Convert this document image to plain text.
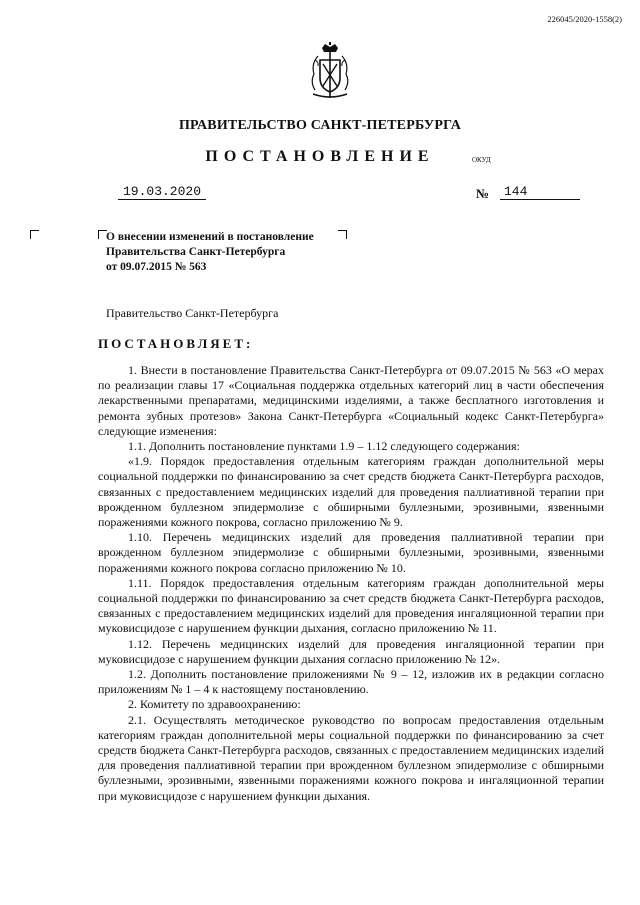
226045/2020-1558(2)
ПРАВИТЕЛЬСТВО САНКТ-ПЕТЕРБУРГА
ПОСТАНОВЛЕНИЕ	ОКУД
19.03.2020	№	144
О внесении изменений в постановление
Правительства Санкт-Петербурга
от 09.07.2015 № 563
Правительство Санкт-Петербурга
ПОСТАНОВЛЯЕТ:

1. Внести в постановление Правительства Санкт-Петербурга от 09.07.2015 № 563 «О мерах по реализации главы 17 «Социальная поддержка отдельных категорий лиц в части обеспечения лекарственными препаратами, медицинскими изделиями, а также бесплатного изготовления и ремонта зубных протезов» Закона Санкт-Петербурга «Социальный кодекс Санкт-Петербурга» следующие изменения:

1.1. Дополнить постановление пунктами 1.9 – 1.12 следующего содержания:

«1.9. Порядок предоставления отдельным категориям граждан дополнительной меры социальной поддержки по финансированию за счет средств бюджета Санкт-Петербурга расходов, связанных с предоставлением медицинских изделий для проведения паллиативной терапии при врожденном буллезном эпидермолизе с обширными буллезными, эрозивными, язвенными поражениями кожного покрова, согласно приложению № 9.

1.10. Перечень медицинских изделий для проведения паллиативной терапии при врожденном буллезном эпидермолизе с обширными буллезными, эрозивными, язвенными поражениями кожного покрова согласно приложению № 10.

1.11. Порядок предоставления отдельным категориям граждан дополнительной меры социальной поддержки по финансированию за счет средств бюджета Санкт-Петербурга расходов, связанных с предоставлением медицинских изделий для проведения ингаляционной терапии при муковисцидозе с нарушением функции дыхания, согласно приложению № 11.

1.12. Перечень медицинских изделий для проведения ингаляционной терапии при муковисцидозе с нарушением функции дыхания согласно приложению № 12».

1.2. Дополнить постановление приложениями № 9 – 12, изложив их в редакции согласно приложениям № 1 – 4 к настоящему постановлению.

2. Комитету по здравоохранению:

2.1. Осуществлять методическое руководство по вопросам предоставления отдельным категориям граждан дополнительной меры социальной поддержки по финансированию за счет средств бюджета Санкт-Петербурга расходов, связанных с предоставлением медицинских изделий для проведения паллиативной терапии при врожденном буллезном эпидермолизе с обширными буллезными, эрозивными, язвенными поражениями кожного покрова и ингаляционной терапии при муковисцидозе с нарушением функции дыхания.
